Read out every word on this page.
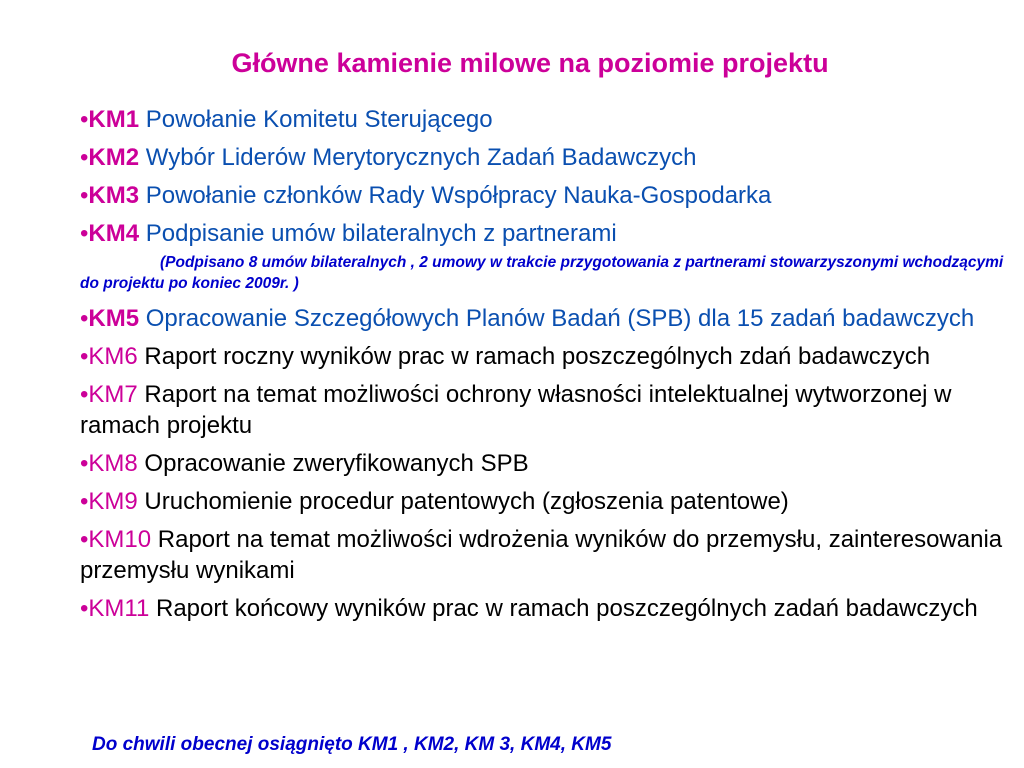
Główne kamienie milowe na poziomie projektu
•KM1 Powołanie Komitetu Sterującego
•KM2 Wybór Liderów Merytorycznych Zadań Badawczych
•KM3 Powołanie członków Rady Współpracy Nauka-Gospodarka
•KM4 Podpisanie umów bilateralnych z partnerami
(Podpisano 8 umów bilateralnych , 2 umowy w trakcie przygotowania z partnerami stowarzyszonymi wchodzącymi do projektu po koniec 2009r. )
•KM5 Opracowanie Szczegółowych Planów Badań (SPB) dla 15 zadań badawczych
•KM6 Raport roczny wyników prac w ramach poszczególnych zdań badawczych
•KM7 Raport na temat możliwości ochrony własności intelektualnej wytworzonej w ramach projektu
•KM8 Opracowanie zweryfikowanych SPB
•KM9 Uruchomienie procedur patentowych (zgłoszenia patentowe)
•KM10 Raport na temat możliwości wdrożenia wyników do przemysłu, zainteresowania przemysłu wynikami
•KM11 Raport końcowy wyników prac w ramach poszczególnych zadań badawczych
Do chwili obecnej osiągnięto KM1 , KM2, KM 3, KM4, KM5
